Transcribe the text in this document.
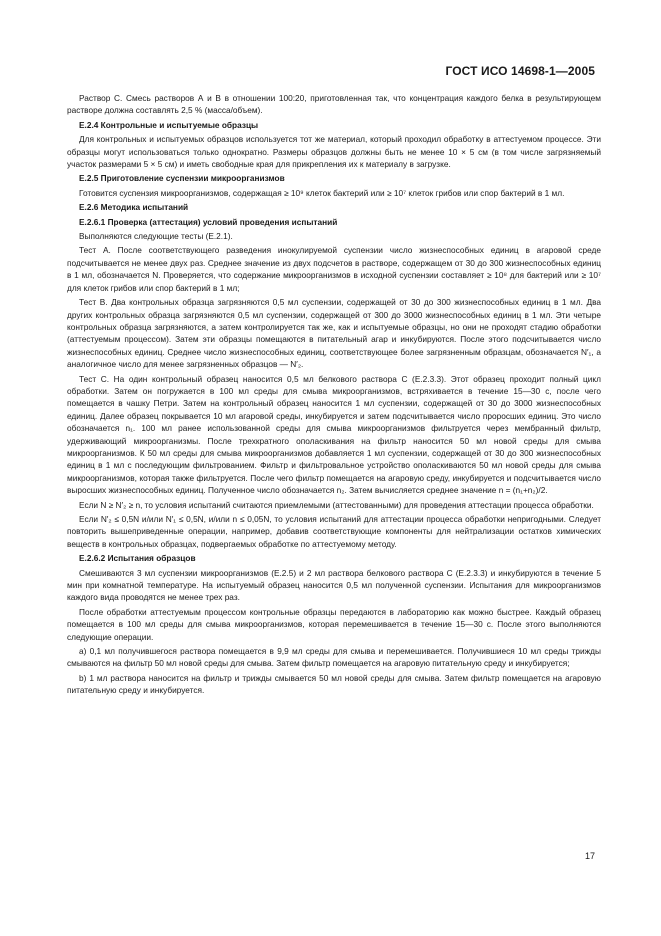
ГОСТ ИСО 14698-1—2005

Раствор С. Смесь растворов А и В в отношении 100:20, приготовленная так, что концентрация каждого белка в результирующем растворе должна составлять 2,5 % (масса/объем).

E.2.4 Контрольные и испытуемые образцы

Для контрольных и испытуемых образцов используется тот же материал, который проходил обработку в аттестуемом процессе. Эти образцы могут использоваться только однократно. Размеры образцов должны быть не менее 10 × 5 см (в том числе загрязняемый участок размерами 5 × 5 см) и иметь свободные края для прикрепления их к материалу в загрузке.

E.2.5 Приготовление суспензии микроорганизмов

Готовится суспензия микроорганизмов, содержащая ≥ 10⁹ клеток бактерий или ≥ 10⁷ клеток грибов или спор бактерий в 1 мл.

E.2.6 Методика испытаний
E.2.6.1 Проверка (аттестация) условий проведения испытаний

Выполняются следующие тесты (E.2.1).

Тест А. После соответствующего разведения инокулируемой суспензии число жизнеспособных единиц в агаровой среде подсчитывается не менее двух раз. Среднее значение из двух подсчетов в растворе, содержащем от 30 до 300 жизнеспособных единиц в 1 мл, обозначается N. Проверяется, что содержание микроорганизмов в исходной суспензии составляет ≥ 10⁸ для бактерий или ≥ 10⁷ для клеток грибов или спор бактерий в 1 мл;

Тест В. Два контрольных образца загрязняются 0,5 мл суспензии, содержащей от 30 до 300 жизнеспособных единиц в 1 мл. Два других контрольных образца загрязняются 0,5 мл суспензии, содержащей от 300 до 3000 жизнеспособных единиц в 1 мл. Эти четыре контрольных образца загрязняются, а затем контролируется так же, как и испытуемые образцы, но они не проходят стадию обработки (аттестуемым процессом). Затем эти образцы помещаются в питательный агар и инкубируются. После этого подсчитывается число жизнеспособных единиц. Среднее число жизнеспособных единиц, соответствующее более загрязненным образцам, обозначается N′₁, а аналогичное число для менее загрязненных образцов — N′₂.

Тест С. На один контрольный образец наносится 0,5 мл белкового раствора С (E.2.3.3). Этот образец проходит полный цикл обработки. Затем он погружается в 100 мл среды для смыва микроорганизмов, встряхивается в течение 15—30 с, после чего помещается в чашку Петри. Затем на контрольный образец наносится 1 мл суспензии, содержащей от 30 до 3000 жизнеспособных единиц. Далее образец покрывается 10 мл агаровой среды, инкубируется и затем подсчитывается число проросших единиц. Это число обозначается n₁. 100 мл ранее использованной среды для смыва микроорганизмов фильтруется через мембранный фильтр, удерживающий микроорганизмы. После трехкратного ополаскивания на фильтр наносится 50 мл новой среды для смыва микроорганизмов. К 50 мл среды для смыва микроорганизмов добавляется 1 мл суспензии, содержащей от 30 до 300 жизнеспособных единиц в 1 мл с последующим фильтрованием. Фильтр и фильтровальное устройство ополаскиваются 50 мл новой среды для смыва микроорганизмов, которая также фильтруется. После чего фильтр помещается на агаровую среду, инкубируется и подсчитывается число выросших жизнеспособных единиц. Полученное число обозначается n₂. Затем вычисляется среднее значение n = (n₁+n₂)/2.

Если N ≥ N′₂ ≥ n, то условия испытаний считаются приемлемыми (аттестованными) для проведения аттестации процесса обработки.

Если N′₂ ≤ 0,5N и/или N′₁ ≤ 0,5N, и/или n ≤ 0,05N, то условия испытаний для аттестации процесса обработки непригодными. Следует повторить вышеприведенные операции, например, добавив соответствующие компоненты для нейтрализации остатков химических веществ в контрольных образцах, подвергаемых обработке по аттестуемому методу.

E.2.6.2 Испытания образцов

Смешиваются 3 мл суспензии микроорганизмов (E.2.5) и 2 мл раствора белкового раствора С (E.2.3.3) и инкубируются в течение 5 мин при комнатной температуре. На испытуемый образец наносится 0,5 мл полученной суспензии. Испытания для микроорганизмов каждого вида проводятся не менее трех раз.

После обработки аттестуемым процессом контрольные образцы передаются в лабораторию как можно быстрее. Каждый образец помещается в 100 мл среды для смыва микроорганизмов, которая перемешивается в течение 15—30 с. После этого выполняются следующие операции.

а) 0,1 мл получившегося раствора помещается в 9,9 мл среды для смыва и перемешивается. Получившиеся 10 мл среды трижды смываются на фильтр 50 мл новой среды для смыва. Затем фильтр помещается на агаровую питательную среду и инкубируется;

b) 1 мл раствора наносится на фильтр и трижды смывается 50 мл новой среды для смыва. Затем фильтр помещается на агаровую питательную среду и инкубируется.

17
